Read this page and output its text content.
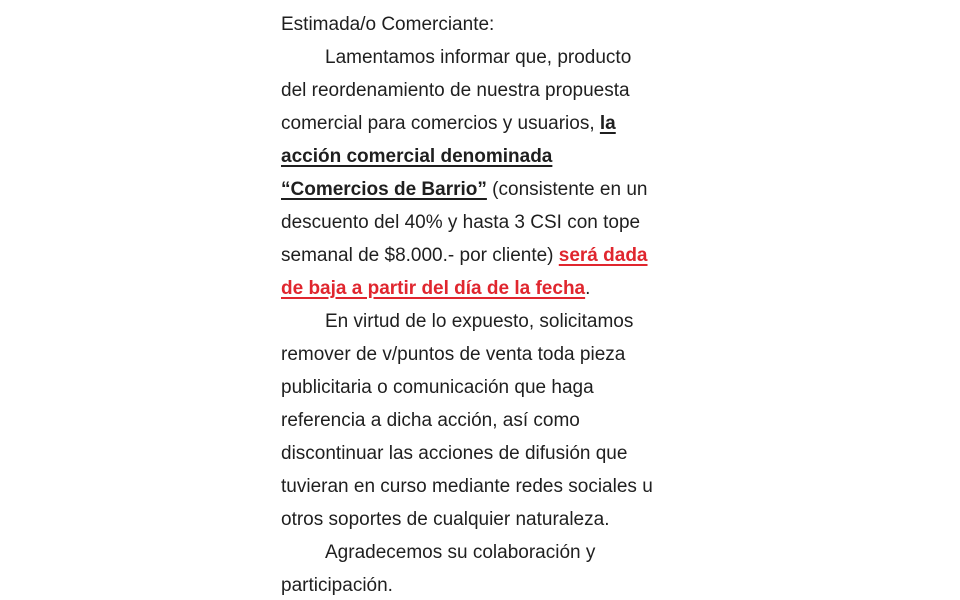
Estimada/o Comerciante:
Lamentamos informar que, producto
del reordenamiento de nuestra propuesta
comercial para comercios y usuarios, la
acción comercial denominada
“Comercios de Barrio” (consistente en un
descuento del 40% y hasta 3 CSI con tope
semanal de $8.000.- por cliente) será dada
de baja a partir del día de la fecha.
En virtud de lo expuesto, solicitamos
remover de v/puntos de venta toda pieza
publicitaria o comunicación que haga
referencia a dicha acción, así como
discontinuar las acciones de difusión que
tuvieran en curso mediante redes sociales u
otros soportes de cualquier naturaleza.
Agradecemos su colaboración y
participación.
